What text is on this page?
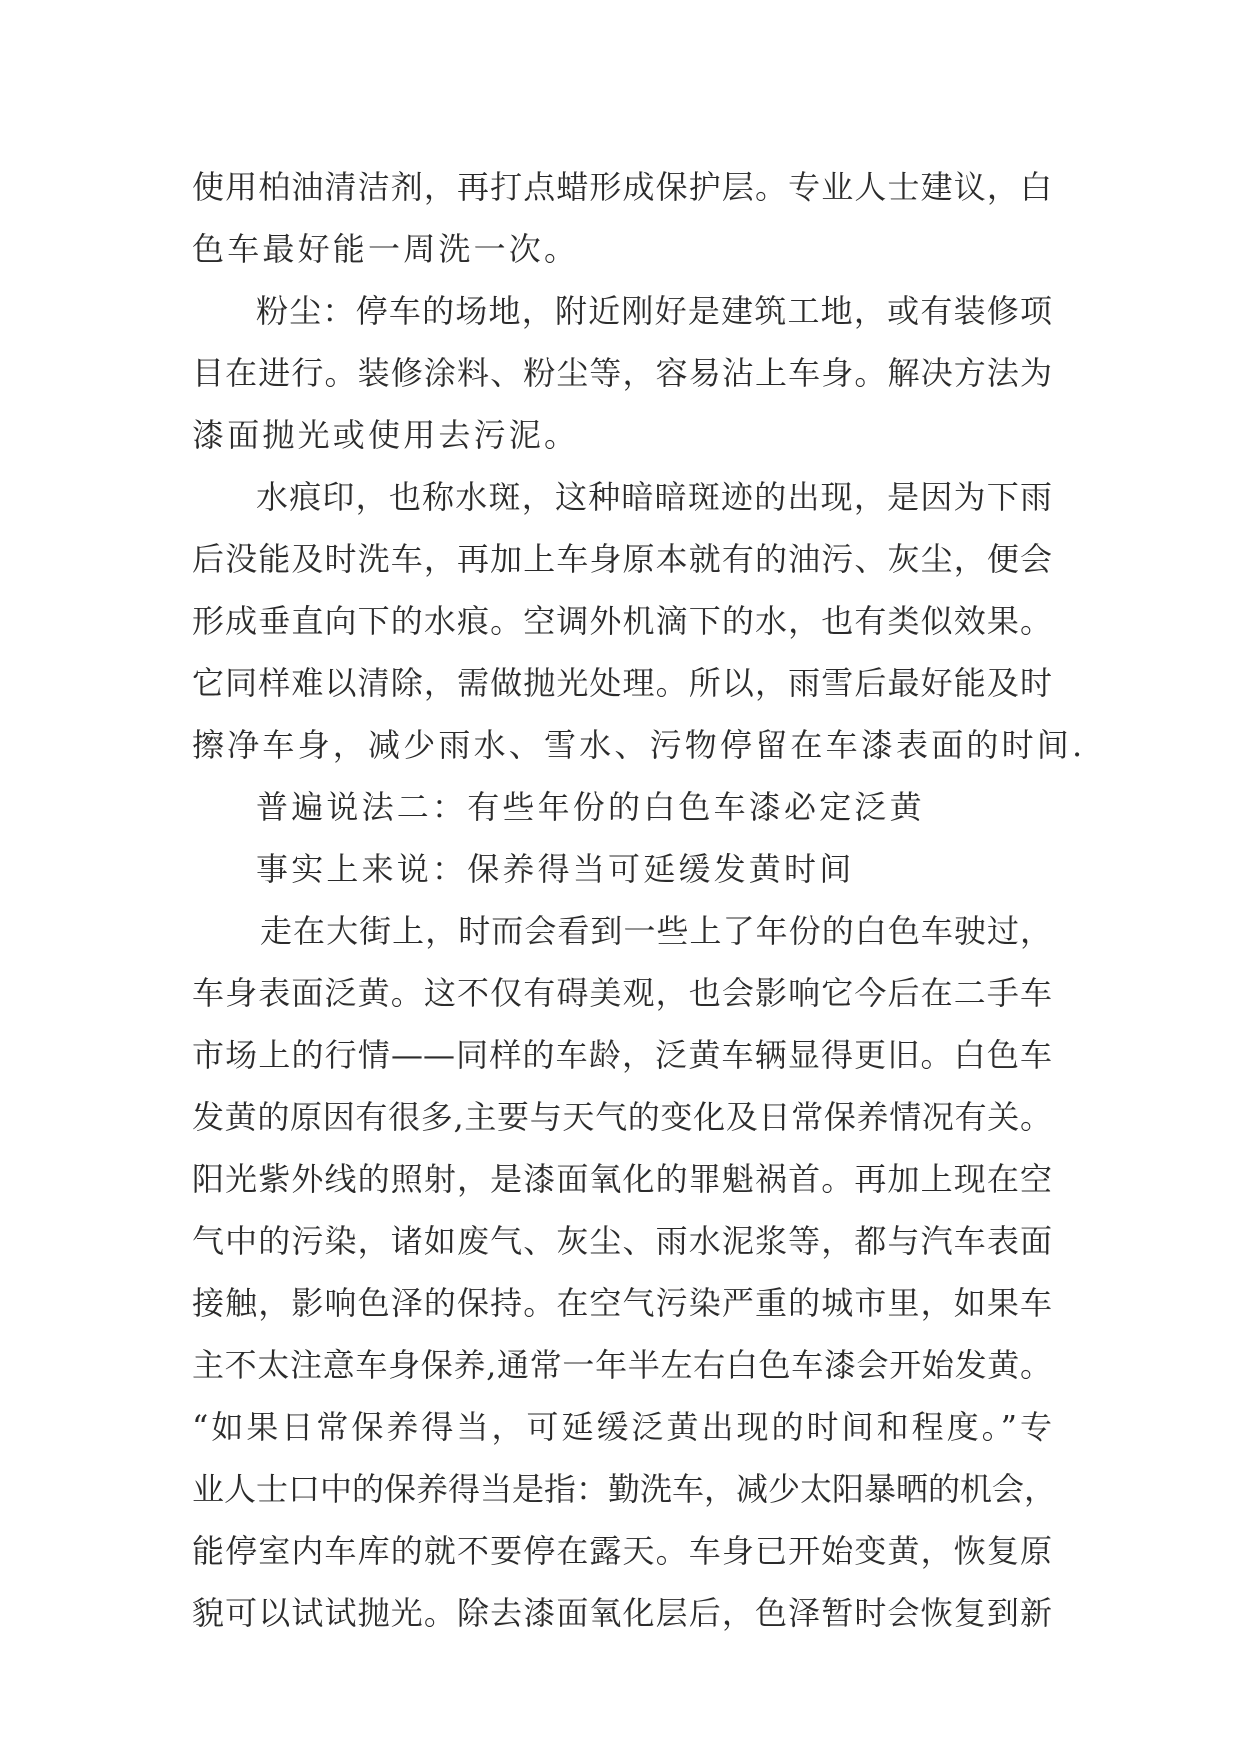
使用柏油清洁剂，再打点蜡形成保护层。专业人士建议，白
色车最好能一周洗一次。
粉尘：停车的场地，附近刚好是建筑工地，或有装修项
目在进行。装修涂料、粉尘等，容易沾上车身。解决方法为
漆面抛光或使用去污泥。
水痕印，也称水斑，这种暗暗斑迹的出现，是因为下雨
后没能及时洗车，再加上车身原本就有的油污、灰尘，便会
形成垂直向下的水痕。空调外机滴下的水，也有类似效果。
它同样难以清除，需做抛光处理。所以，雨雪后最好能及时
擦净车身，减少雨水、雪水、污物停留在车漆表面的时间.
普遍说法二：有些年份的白色车漆必定泛黄
事实上来说：保养得当可延缓发黄时间
走在大街上，时而会看到一些上了年份的白色车驶过，
车身表面泛黄。这不仅有碍美观，也会影响它今后在二手车
市场上的行情——同样的车龄，泛黄车辆显得更旧。白色车
发黄的原因有很多,主要与天气的变化及日常保养情况有关。
阳光紫外线的照射，是漆面氧化的罪魁祸首。再加上现在空
气中的污染，诸如废气、灰尘、雨水泥浆等，都与汽车表面
接触，影响色泽的保持。在空气污染严重的城市里，如果车
主不太注意车身保养,通常一年半左右白色车漆会开始发黄。
“如果日常保养得当，可延缓泛黄出现的时间和程度。”专
业人士口中的保养得当是指：勤洗车，减少太阳暴晒的机会，
能停室内车库的就不要停在露天。车身已开始变黄，恢复原
貌可以试试抛光。除去漆面氧化层后，色泽暂时会恢复到新
